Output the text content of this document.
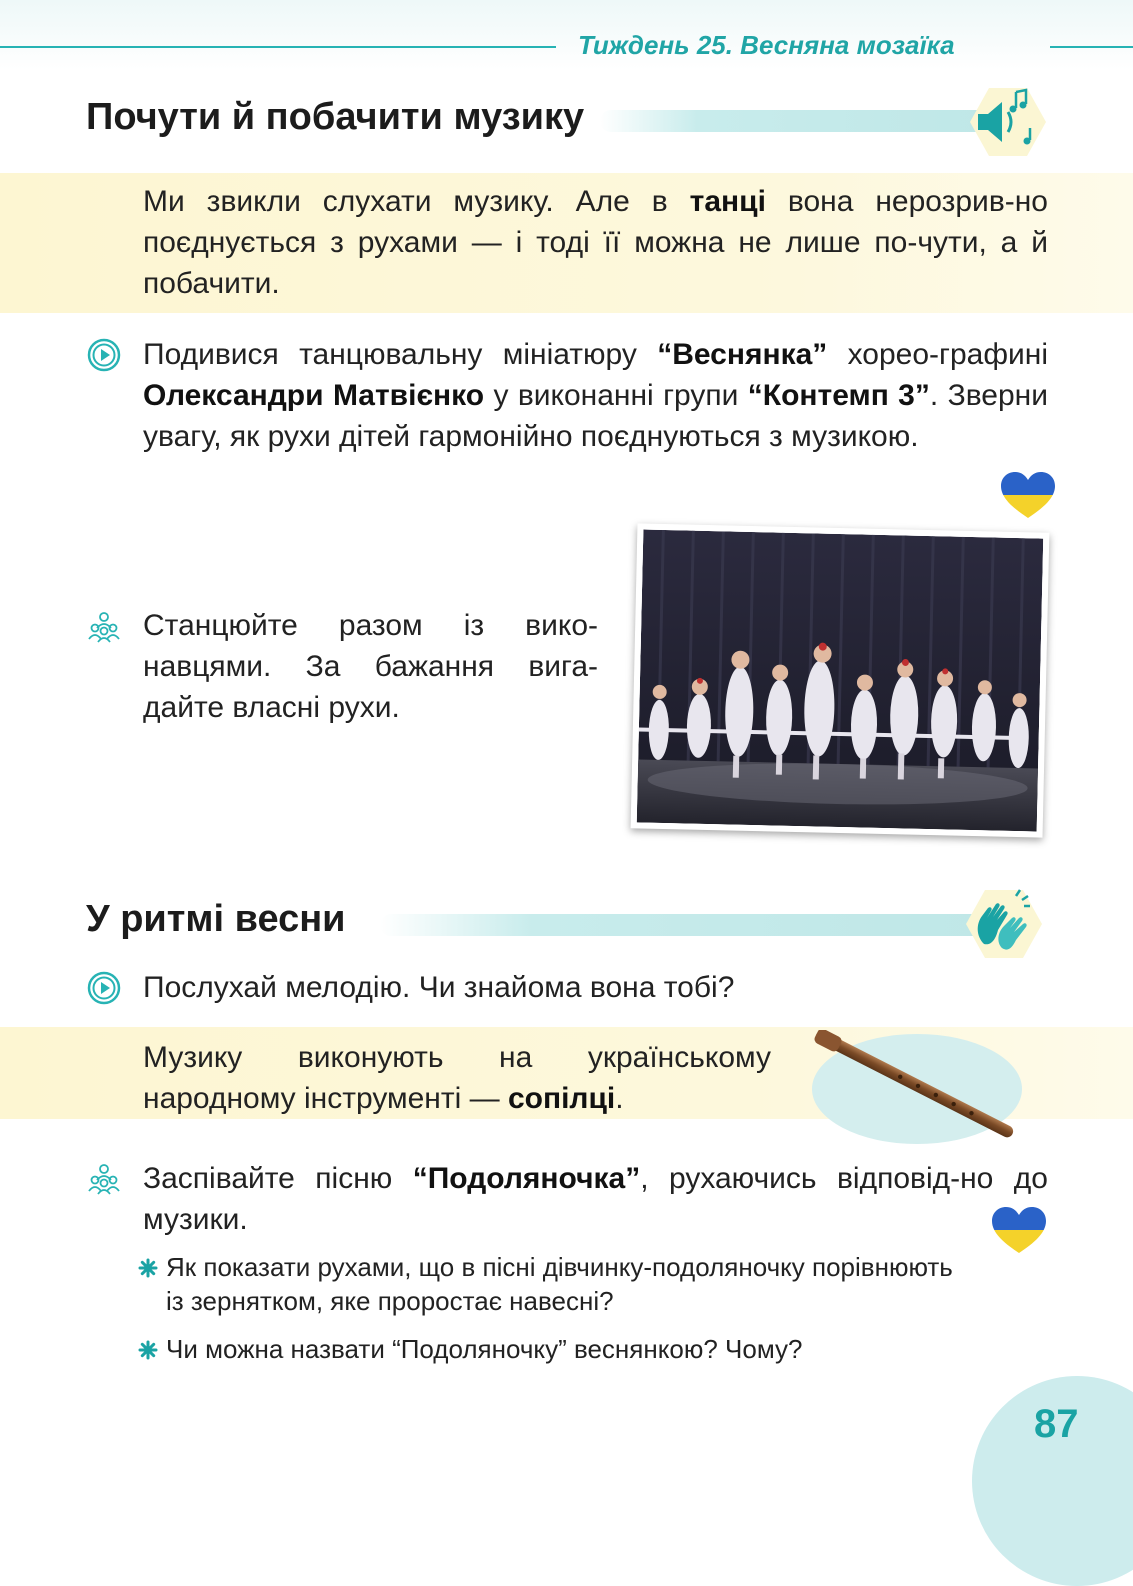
Тиждень 25. Весняна мозаїка
Почути й побачити музику
Ми звикли слухати музику. Але в танці вона нерозрив-но поєднується з рухами — і тоді її можна не лише по-чути, а й побачити.
Подивися танцювальну мініатюру “Веснянка” хорео-графині Олександри Матвієнко у виконанні групи “Контемп 3”. Зверни увагу, як рухи дітей гармонійно поєднуються з музикою.
Станцюйте разом із вико-навцями. За бажання вига-дайте власні рухи.
У ритмі весни
Послухай мелодію. Чи знайома вона тобі?
Музику виконують на українському народному інструменті — сопілці.
Заспівайте пісню “Подоляночка”, рухаючись відповід-но до музики.
Як показати рухами, що в пісні дівчинку-подоляночку порівнюють із зернятком, яке проростає навесні?
Чи можна назвати “Подоляночку” веснянкою? Чому?
87
